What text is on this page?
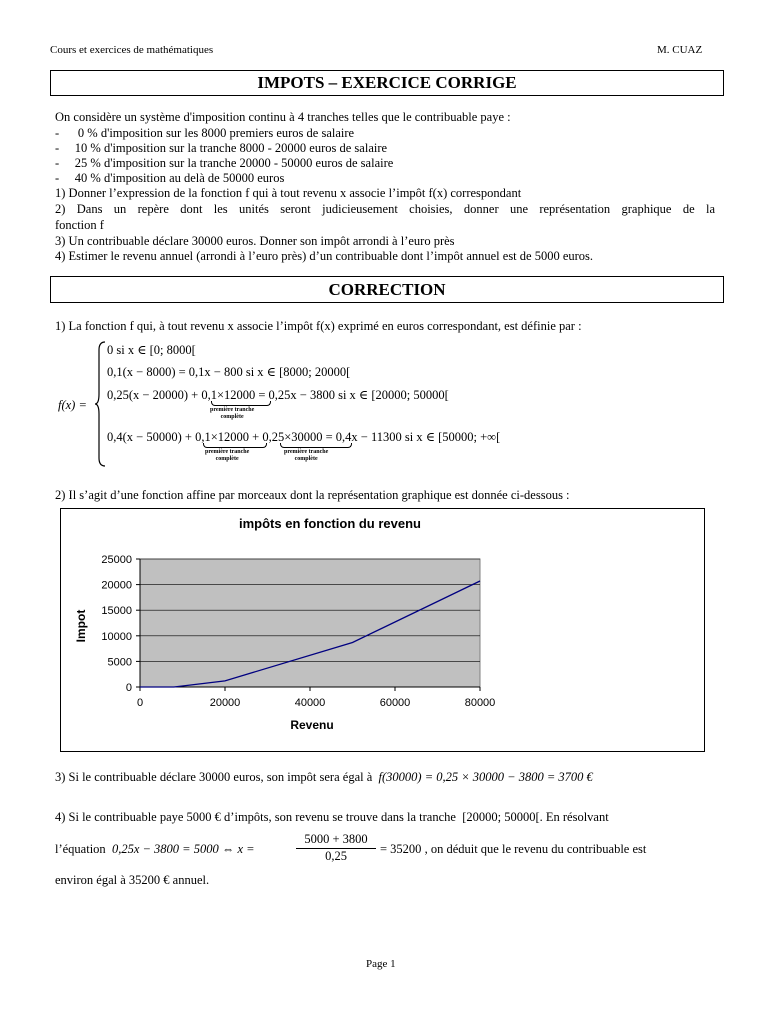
Cours et exercices de mathématiques	M. CUAZ
IMPOTS – EXERCICE CORRIGE
On considère un système d'imposition continu à 4 tranches telles que le contribuable paye :
-      0 % d'imposition sur les 8000 premiers euros de salaire
-     10 % d'imposition sur la tranche 8000 - 20000 euros de salaire
-     25 % d'imposition sur la tranche 20000 - 50000 euros de salaire
-     40 % d'imposition au delà de 50000 euros
1) Donner l’expression de la fonction f qui à tout revenu x associe l’impôt f(x) correspondant
2) Dans un repère dont les unités seront judicieusement choisies, donner une représentation graphique de la
fonction f
3) Un contribuable déclare 30000 euros. Donner son impôt arrondi à l’euro près
4) Estimer le revenu annuel (arrondi à l’euro près) d’un contribuable dont l’impôt annuel est de 5000 euros.
CORRECTION
1) La fonction f qui, à tout revenu x associe l’impôt f(x) exprimé en euros correspondant, est définie par :
f(x) =
0 si x ∈ [0; 8000[
0,1(x − 8000) = 0,1x − 800 si x ∈ [8000; 20000[
0,25(x − 20000) + 0,1×12000 = 0,25x − 3800 si x ∈ [20000; 50000[
première tranche
complète
0,4(x − 50000) + 0,1×12000 + 0,25×30000 = 0,4x − 11300 si x ∈ [50000; +∞[
première tranche
complète
première tranche
complète
2) Il s’agit d’une fonction affine par morceaux dont la représentation graphique est donnée ci-dessous :
impôts en fonction du revenu
0
5000
10000
15000
20000
25000
0	20000	40000	60000	80000
Revenu
Impot
3) Si le contribuable déclare 30000 euros, son impôt sera égal à f(30000) = 0,25 × 30000 − 3800 = 3700 €
4) Si le contribuable paye 5000 € d’impôts, son revenu se trouve dans la tranche [20000; 50000[. En résolvant
l’équation 0,25x − 3800 = 5000 ⇔ x =
5000 + 3800
0,25	= 35200 , on déduit que le revenu du contribuable est
environ égal à 35200 € annuel.
Page 1
